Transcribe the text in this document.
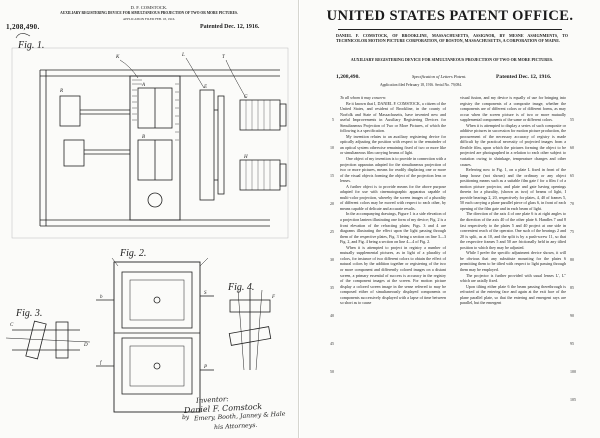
D. F. COMSTOCK.
AUXILIARY REGISTERING DEVICE FOR SIMULTANEOUS PROJECTION OF TWO OR MORE PICTURES.
APPLICATION FILED FEB. 18, 1916.
1,208,490.	Patented Dec. 12, 1916.
Fig. 1.
Fig. 2.
Fig. 3.
Fig. 4.
K	L	T
R
A
B
E
G
H
b
f
S
P
C
D
F
Inventor:
Daniel F. Comstock
by Emery, Booth, Janney & Hale
his Attorneys.
UNITED STATES PATENT OFFICE.
DANIEL F. COMSTOCK, OF BROOKLINE, MASSACHUSETTS, ASSIGNOR, BY MESNE ASSIGNMENTS, TO TECHNICOLOR MOTION PICTURE CORPORATION, OF BOSTON, MASSACHUSETTS, A CORPORATION OF MAINE.
AUXILIARY REGISTERING DEVICE FOR SIMULTANEOUS PROJECTION OF TWO OR MORE PICTURES.
1,208,490.	Specification of Letters Patent.	Patented Dec. 12, 1916.
Application filed February 18, 1916. Serial No. 79,084.

To all whom it may concern:

Be it known that I, DANIEL F. COMSTOCK, a citizen of the United States, and resident of Brookline, in the county of Norfolk and State of Massachusetts, have invented new and useful Improvements in Auxiliary Registering Devices for Simultaneous Projection of Two or More Pictures, of which the following is a specification.

My invention relates to an auxiliary registering device for optically adjusting the position with respect to the remainder of an optical system otherwise remaining fixed of two or more like or simultaneous film carrying beams of light.

One object of my invention is to provide in connection with a projection apparatus adapted for the simultaneous projection of two or more pictures, means for readily displacing one or more of the visual objects forming the object of the projection lens or lenses.

A further object is to provide means for the above purpose adapted for use with cinematographic apparatus capable of multi-color projection, whereby the screen images of a plurality of different colors may be moved with respect to each other, by means capable of delicate and accurate results.

In the accompanying drawings, Figure 1 is a side elevation of a projection lantern illustrating one form of my device; Fig. 2 is a front elevation of the refracting plates; Figs. 3 and 4 are diagrams illustrating the effect upon the light passing through them of the respective plates, Fig. 3 being a section on line 3—3 Fig. 2, and Fig. 4 being a section on line 4—4 of Fig. 2.

When it is attempted to project in registry a number of mutually supplemental pictures, as in light of a plurality of colors, for instance of two different colors to obtain the effect of natural colors by the addition together or registering of the two or more component and differently colored images on a distant screen, a primary essential of success is accuracy in the registry of the component images at the screen. For motion picture display a colored screen image in the sense referred to may be composed either of simultaneously displayed components or components successively displayed with a lapse of time between so short as to cause

visual fusion, and my device is equally of use for bringing into registry the components of a composite image, whether the components are of different colors or of different forms, as may occur when the screen picture is of two or more mutually supplemental components of the same or different colors.

When it is attempted to display a series of such composite or additive pictures in succession for motion picture production, the procurement of the necessary accuracy of registry is made difficult by the practical necessity of projected images from a flexible film, upon which the pictures forming the object to be projected are photographed in a relation to each other subject to variation owing to shrinkage, temperature changes and other causes.

Referring now to Fig. 1, on a plate L fixed in front of the lamp house (not shown) and the ordinary or any object positioning means such as a suitable film gate f for a film f of a motion picture projector, and plate and gate having openings therein for a plurality, (shown as two) of beams of light, I provide bearings 2, 20, respectively for plates, 4, 40 of frames 5, 50 each carrying a plane parallel piece of glass 6, in front of each opening of the film gate and in each beam of light.

The direction of the axis 4 of one plate 6 is at right angles to the direction of the axis 40 of the other plate 6. Handles 7 and 8 fast respectively to the plates 5 and 40 project at one side in convenient reach of the operator. One such of the bearings 2 and 20 is split, as at 10, and the split is by a push-screw 11, so that the respective frames 5 and 50 are frictionally held in any tilted position to which they may be adjusted.

While I prefer the specific adjustment device shown, it will be obvious that any substitute mounting for the plates 6 permitting them to be tilted with respect to light passing through them may be employed.

The projector is further provided with usual lenses L', L" which are axially fixed.

Upon tilting either plate 6 the beam passing therethrough is refracted at the entering face and again at the exit face of the plane parallel plate, so that the entering and emergent rays are parallel, but the emergent

5
10
15
20
25
30
35
40
45
50
55
60
65
70
75
80
85
90
95
100
105
